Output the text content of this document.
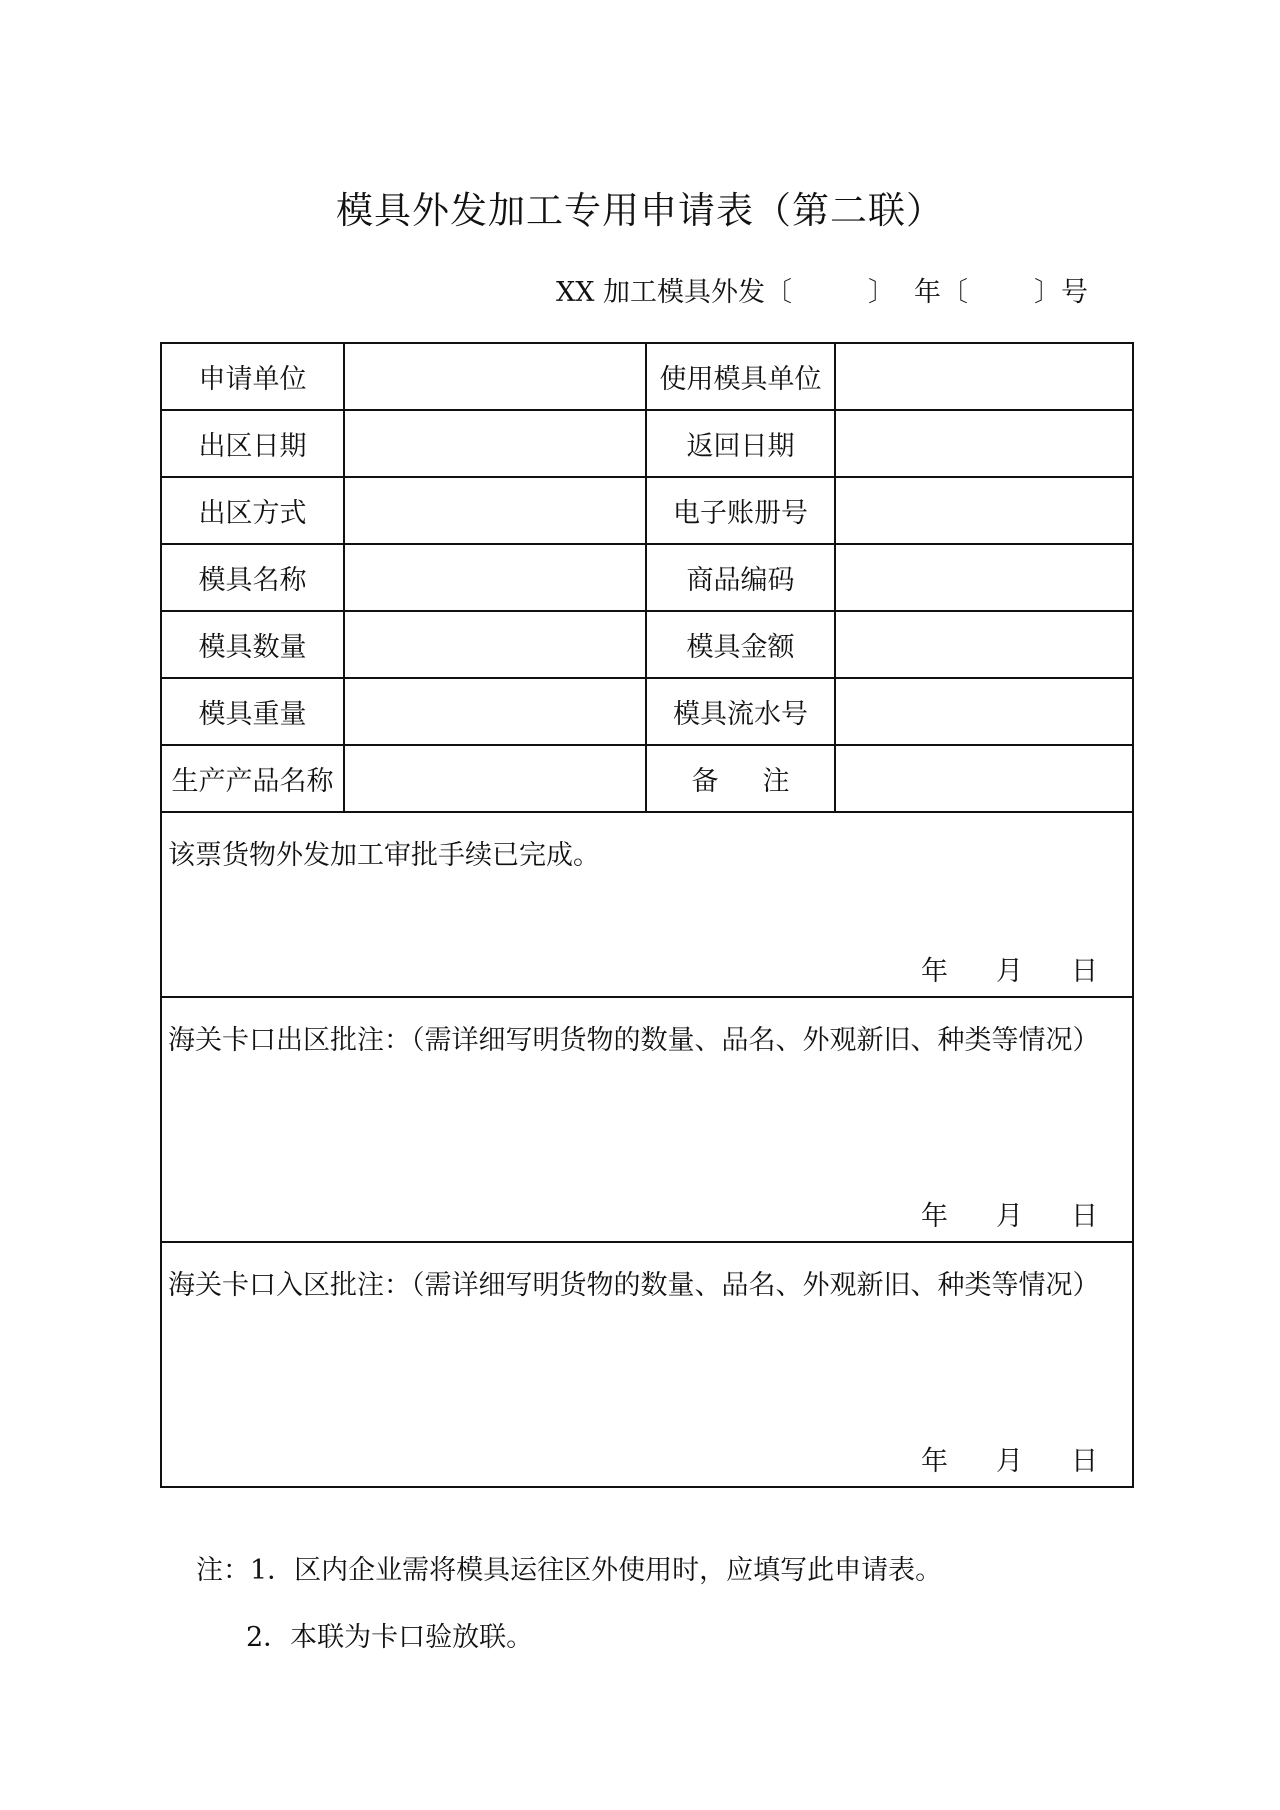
模具外发加工专用申请表（第二联）
XX 加工模具外发〔	〕 年〔 〕号
申请单位		使用模具单位	
出区日期		返回日期	
出区方式		电子账册号	
模具名称		商品编码	
模具数量		模具金额	
模具重量		模具流水号	
生产产品名称		备注	

该票货物外发加工审批手续已完成。
年 月 日			

海关卡口出区批注：（需详细写明货物的数量、品名、外观新旧、种类等情况）
年 月 日			

海关卡口入区批注：（需详细写明货物的数量、品名、外观新旧、种类等情况）
年 月 日			
注：1．区内企业需将模具运往区外使用时，应填写此申请表。
2．本联为卡口验放联。
